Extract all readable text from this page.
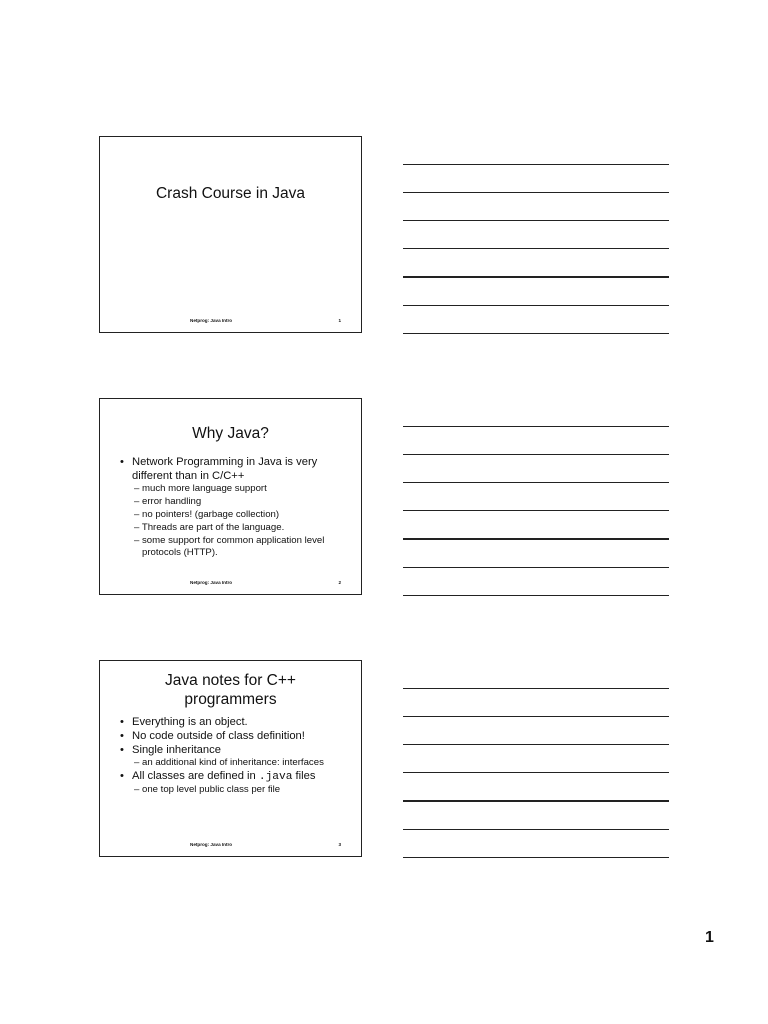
Crash Course in Java
Netprog: Java Intro	1
Why Java?
• Network Programming in Java is very different than in C/C++
– much more language support
– error handling
– no pointers! (garbage collection)
– Threads are part of the language.
– some support for common application level protocols (HTTP).
Netprog: Java Intro	2
Java notes for C++ programmers
• Everything is an object.
• No code outside of class definition!
• Single inheritance
– an additional kind of inheritance: interfaces
• All classes are defined in .java files
– one top level public class per file
Netprog: Java Intro	3
1
